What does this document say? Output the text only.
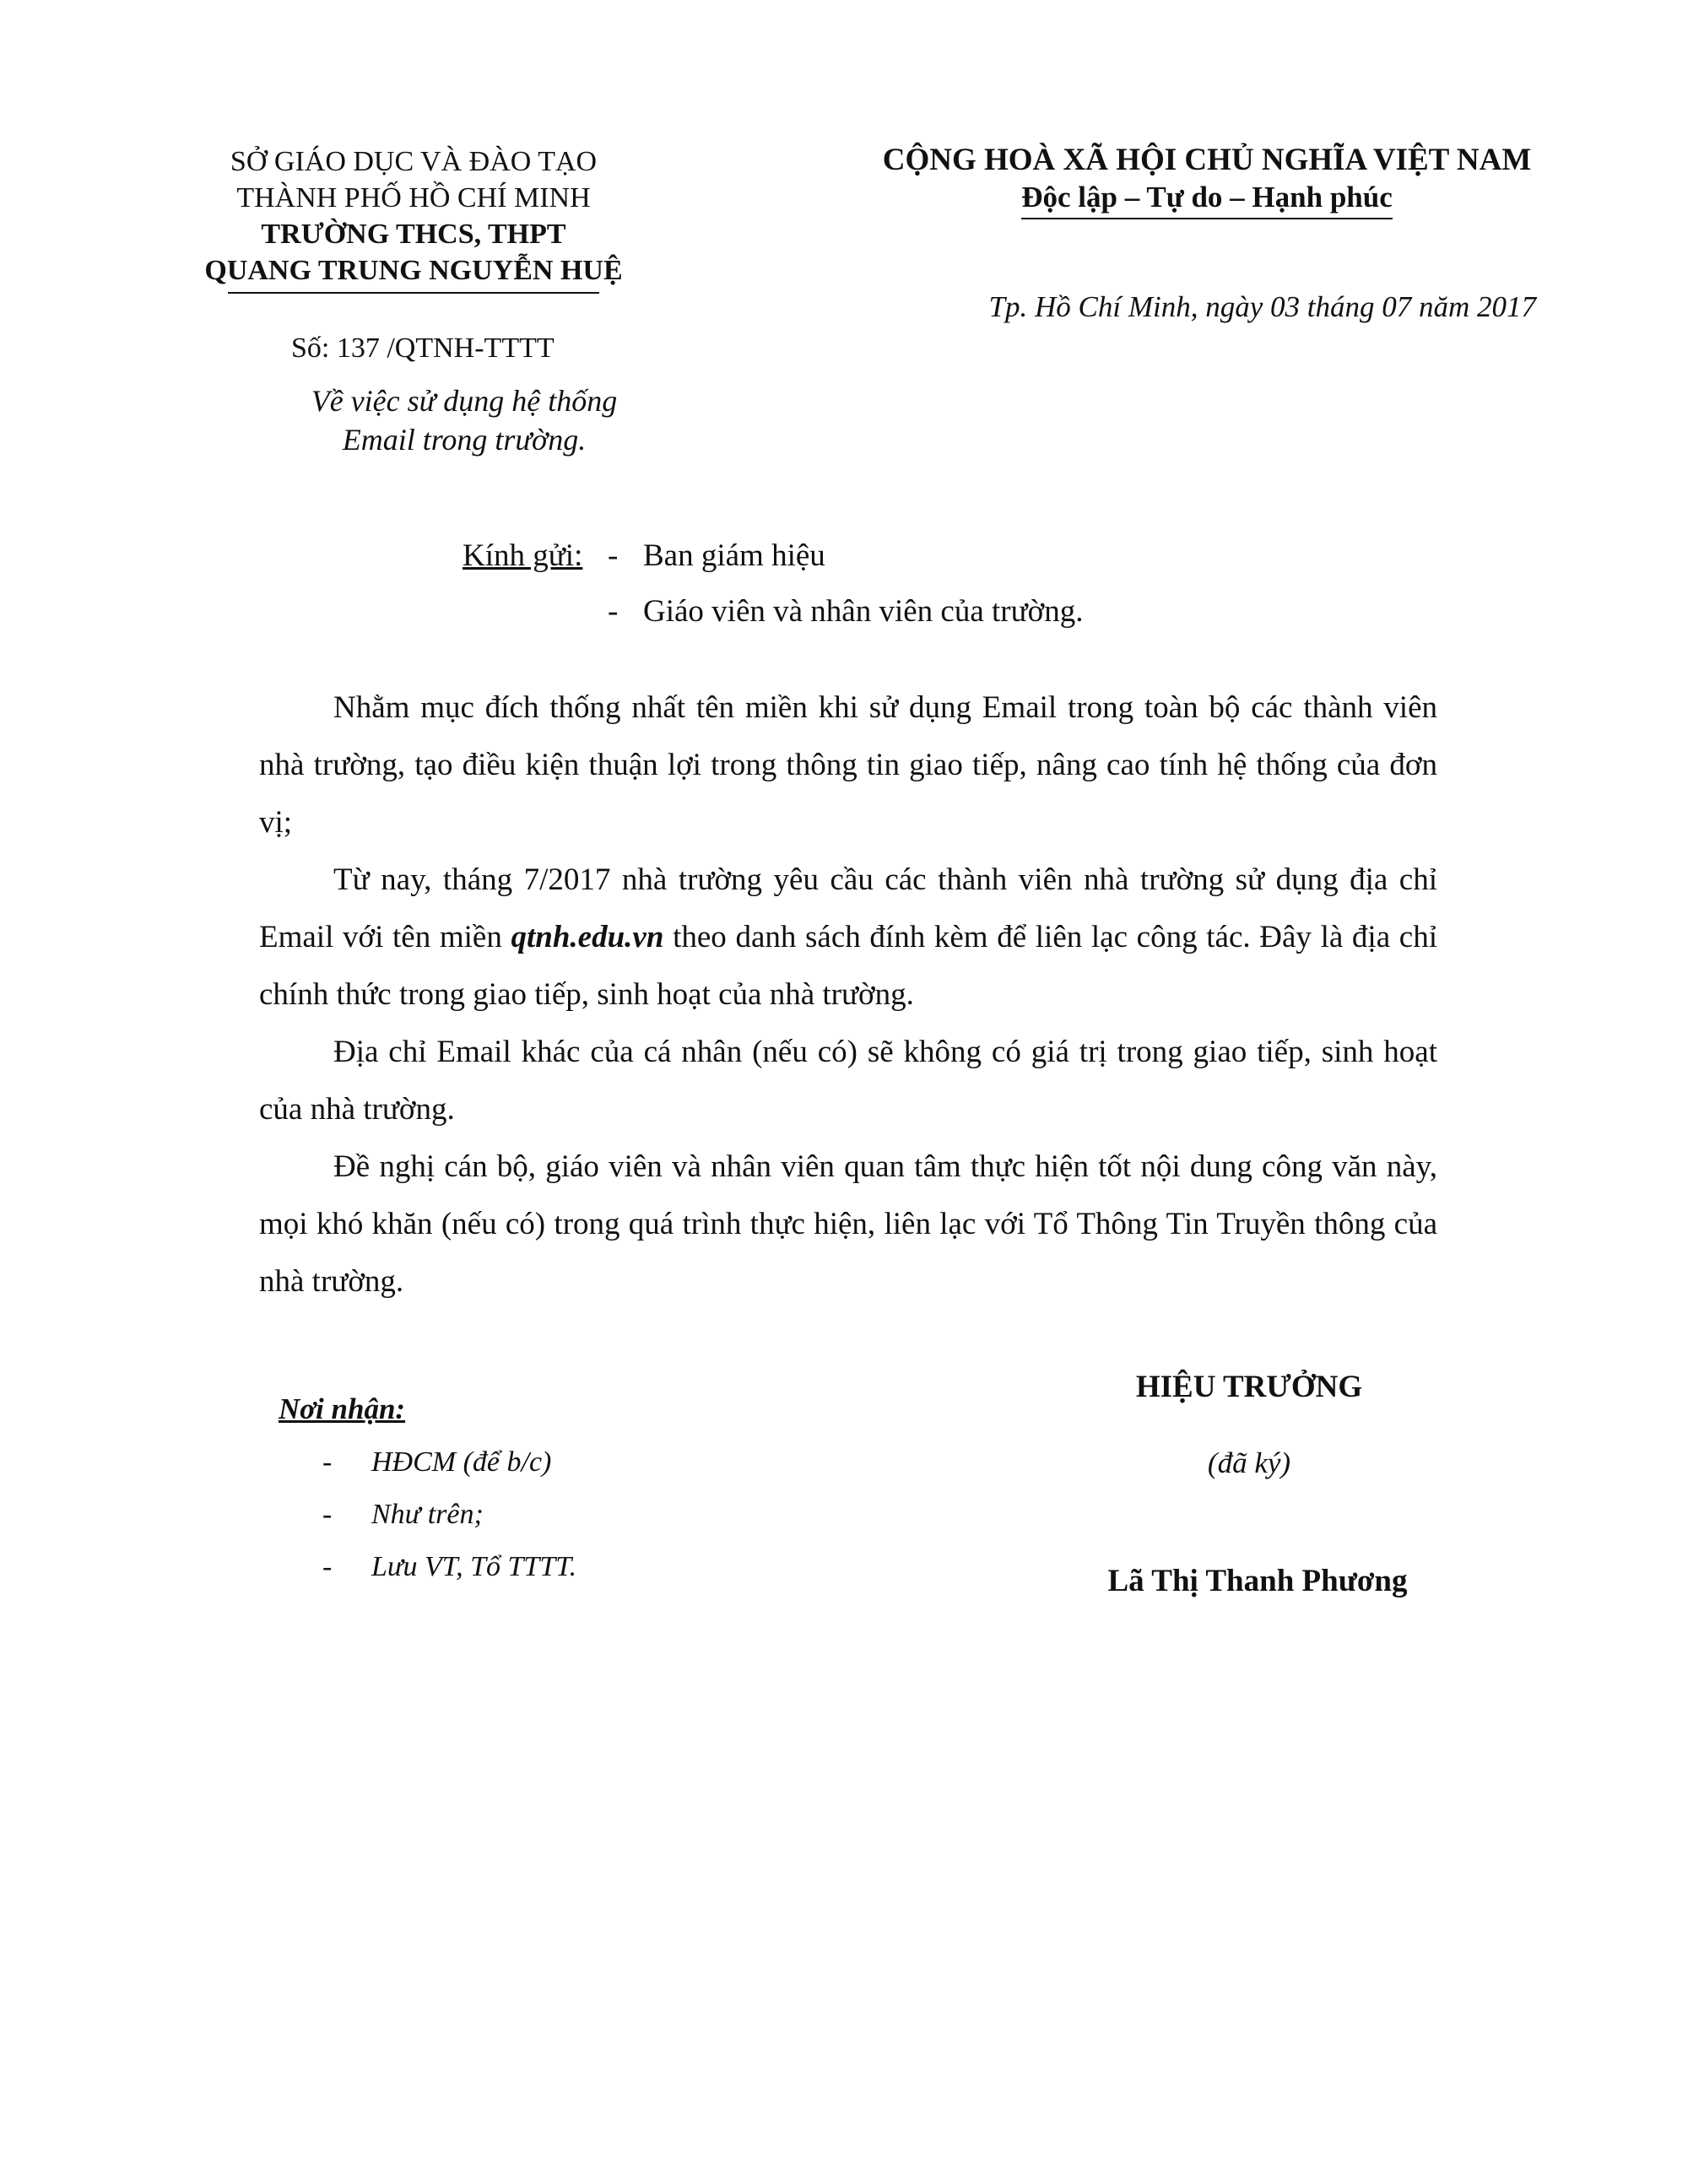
SỞ GIÁO DỤC VÀ ĐÀO TẠO
THÀNH PHỐ HỒ CHÍ MINH
TRƯỜNG THCS, THPT
QUANG TRUNG NGUYỄN HUỆ
Số: 137 /QTNH-TTTT
Về việc sử dụng hệ thống
Email trong trường.
CỘNG HOÀ XÃ HỘI CHỦ NGHĨA VIỆT NAM
Độc lập – Tự do – Hạnh phúc
Tp. Hồ Chí Minh, ngày 03 tháng 07 năm 2017
Kính gửi: - Ban giám hiệu
- Giáo viên và nhân viên của trường.

Nhằm mục đích thống nhất tên miền khi sử dụng Email trong toàn bộ các thành viên nhà trường, tạo điều kiện thuận lợi trong thông tin giao tiếp, nâng cao tính hệ thống của đơn vị;

Từ nay, tháng 7/2017 nhà trường yêu cầu các thành viên nhà trường sử dụng địa chỉ Email với tên miền qtnh.edu.vn theo danh sách đính kèm để liên lạc công tác. Đây là địa chỉ chính thức trong giao tiếp, sinh hoạt của nhà trường.

Địa chỉ Email khác của cá nhân (nếu có) sẽ không có giá trị trong giao tiếp, sinh hoạt của nhà trường.

Đề nghị cán bộ, giáo viên và nhân viên quan tâm thực hiện tốt nội dung công văn này, mọi khó khăn (nếu có) trong quá trình thực hiện, liên lạc với Tổ Thông Tin Truyền thông của nhà trường.

Nơi nhận:
- HĐCM (để b/c)
- Như trên;
- Lưu VT, Tổ TTTT.
HIỆU TRƯỞNG
(đã ký)
Lã Thị Thanh Phương
